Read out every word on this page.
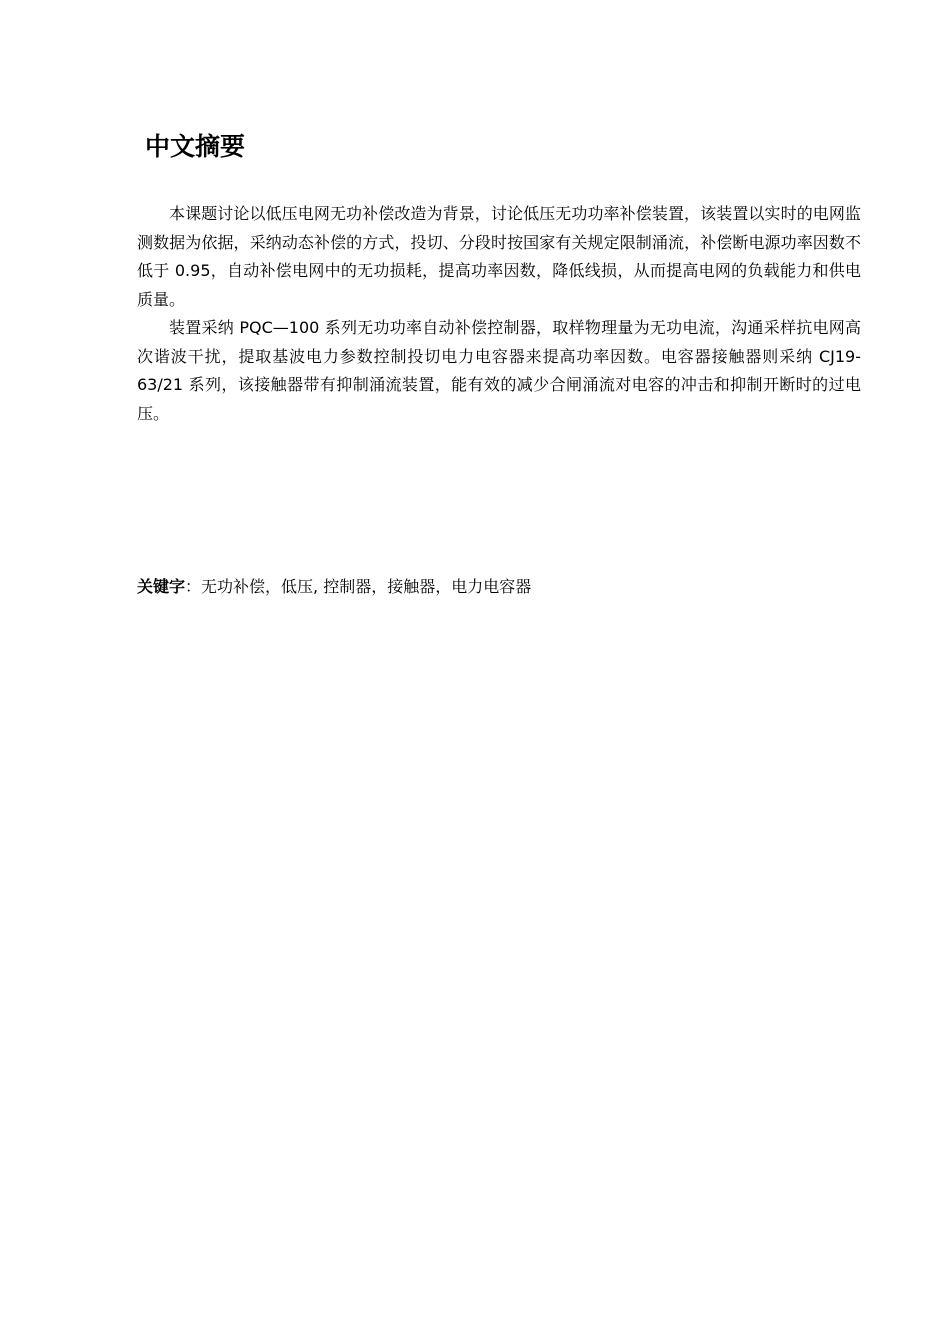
中文摘要

本课题讨论以低压电网无功补偿改造为背景，讨论低压无功功率补偿装置，该装置以实时的电网监测数据为依据，采纳动态补偿的方式，投切、分段时按国家有关规定限制涌流，补偿断电源功率因数不低于 0.95，自动补偿电网中的无功损耗，提高功率因数，降低线损，从而提高电网的负载能力和供电质量。

装置采纳 PQC—100 系列无功功率自动补偿控制器，取样物理量为无功电流，沟通采样抗电网高次谐波干扰，提取基波电力参数控制投切电力电容器来提高功率因数。电容器接触器则采纳 CJ19-63/21 系列，该接触器带有抑制涌流装置，能有效的减少合闸涌流对电容的冲击和抑制开断时的过电压。

关键字：无功补偿，低压, 控制器，接触器，电力电容器
